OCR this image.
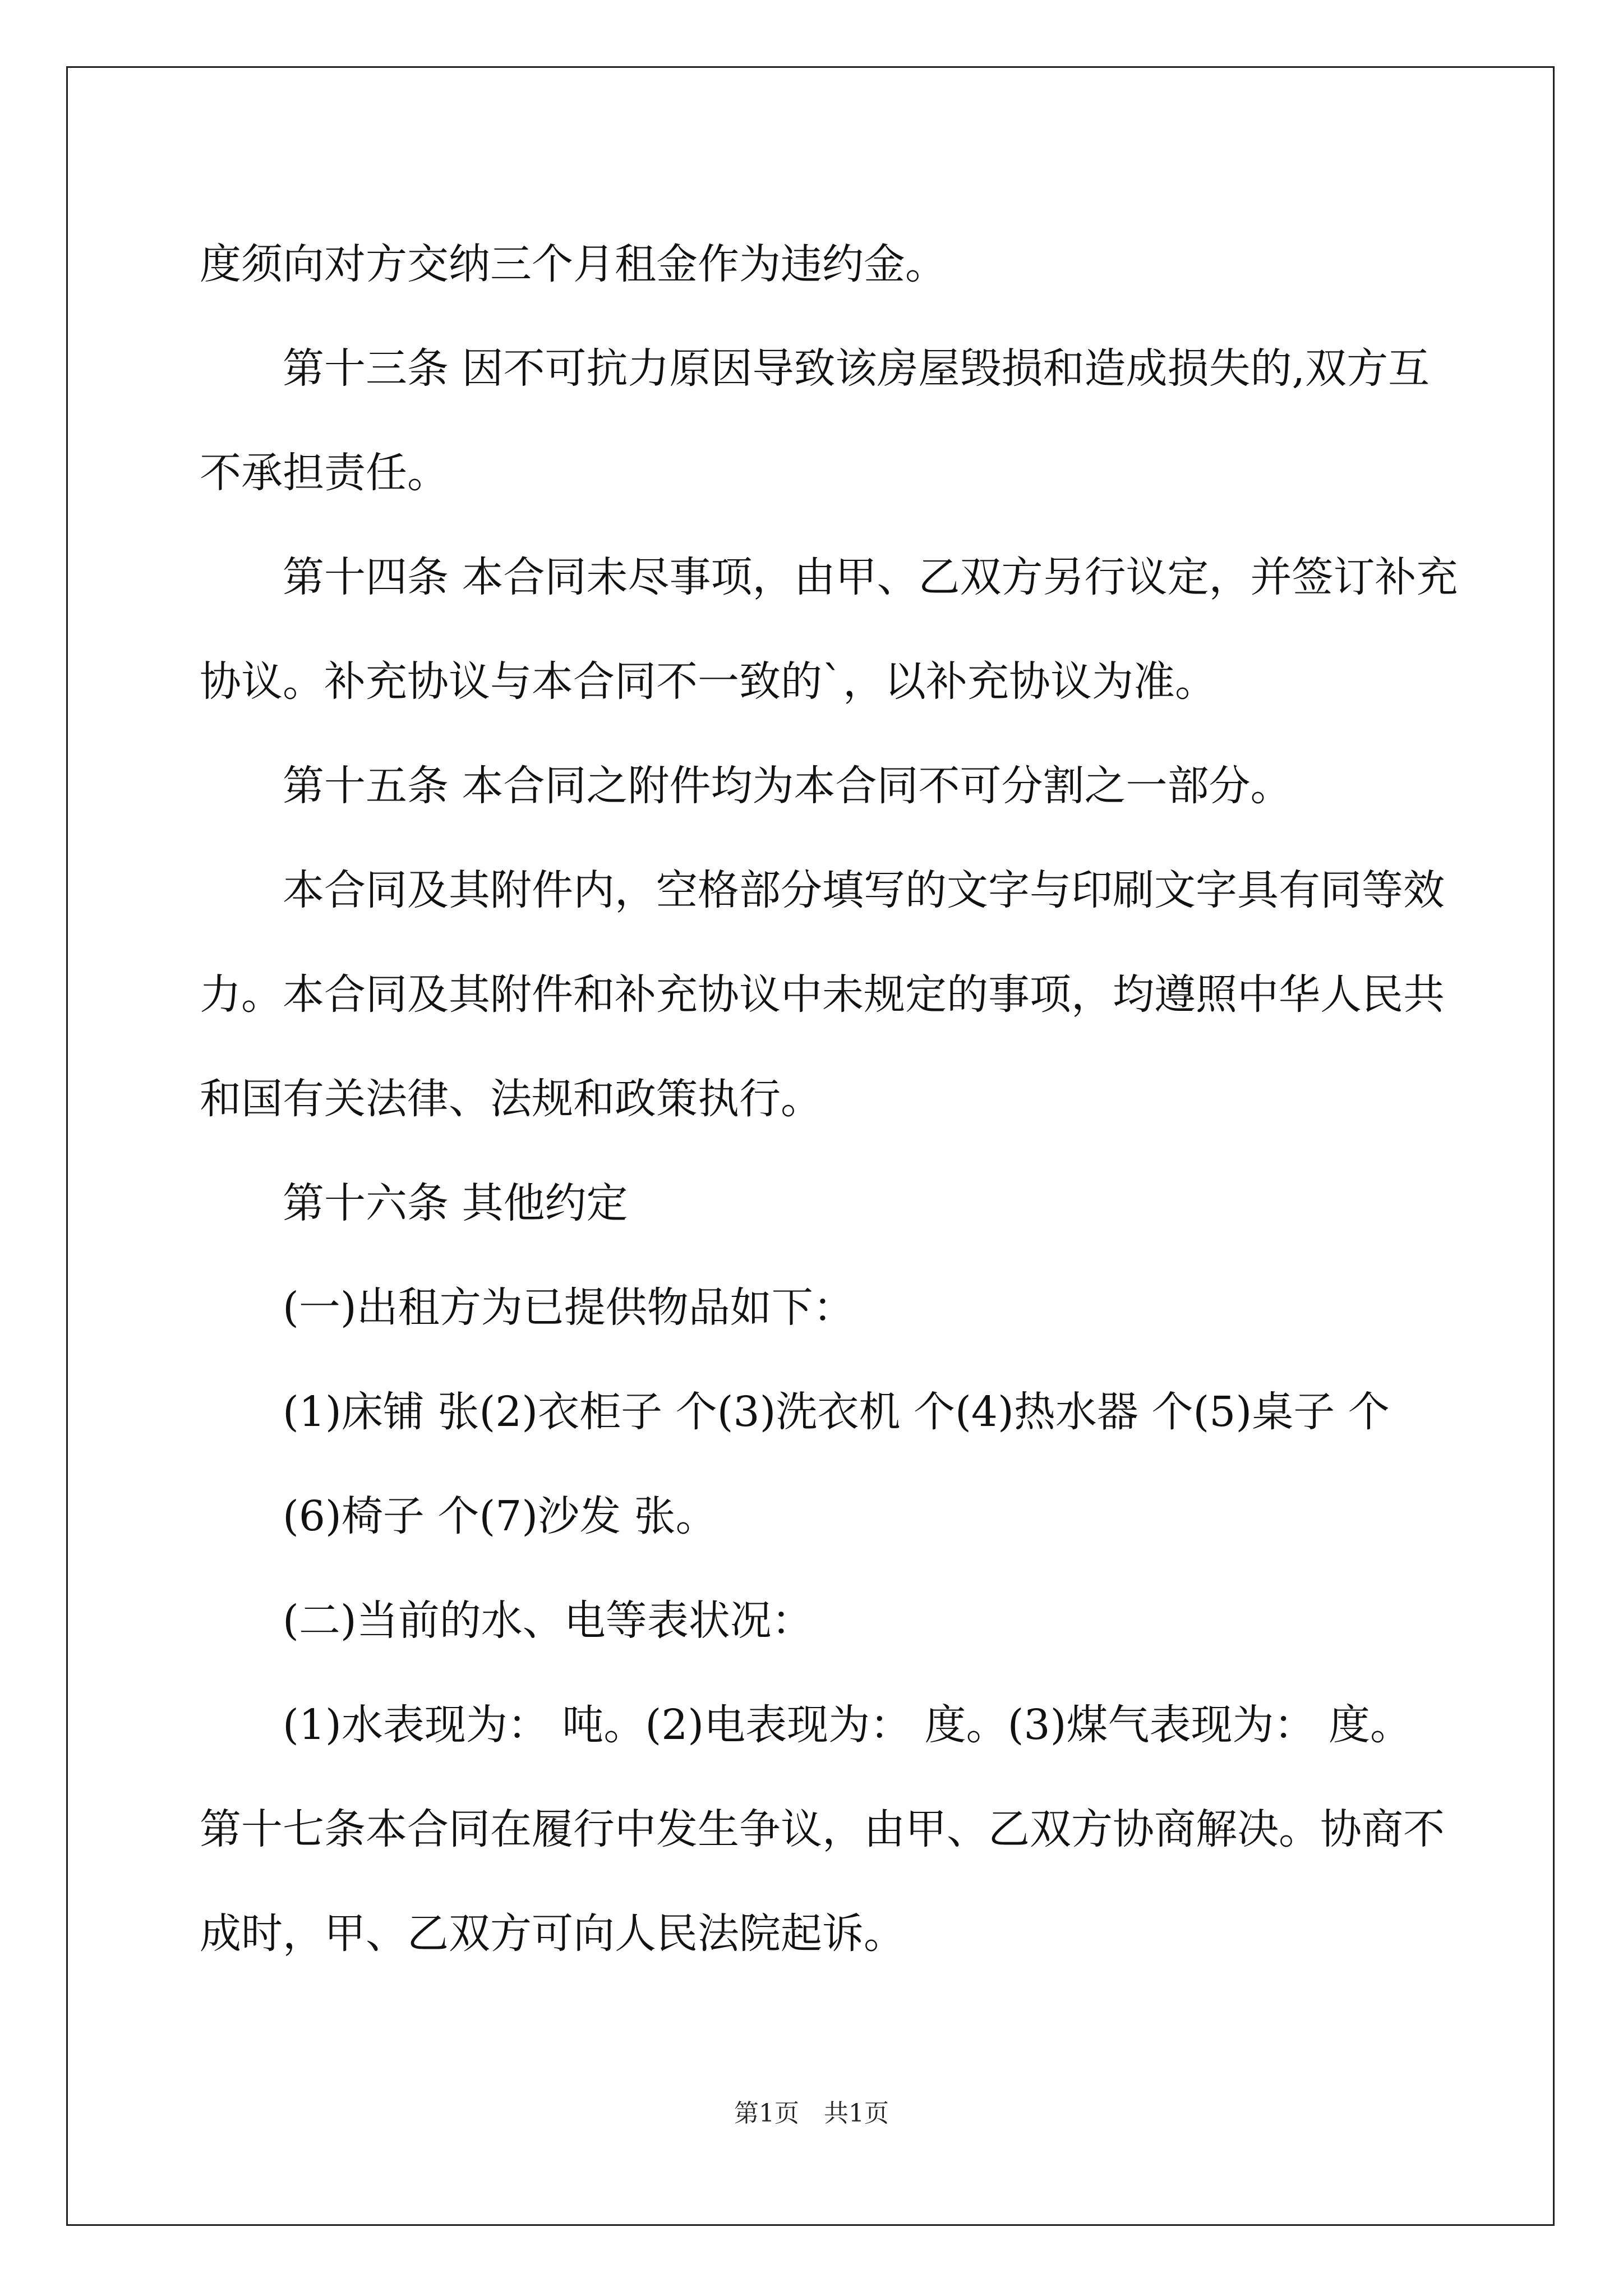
度须向对方交纳三个月租金作为违约金。

第十三条 因不可抗力原因导致该房屋毁损和造成损失的,双方互

不承担责任。

第十四条 本合同未尽事项，由甲、乙双方另行议定，并签订补充

协议。补充协议与本合同不一致的`，以补充协议为准。

第十五条 本合同之附件均为本合同不可分割之一部分。

本合同及其附件内，空格部分填写的文字与印刷文字具有同等效

力。本合同及其附件和补充协议中未规定的事项，均遵照中华人民共

和国有关法律、法规和政策执行。

第十六条 其他约定

(一)出租方为已提供物品如下：

(1)床铺 张(2)衣柜子 个(3)洗衣机 个(4)热水器 个(5)桌子 个

(6)椅子 个(7)沙发 张。

(二)当前的水、电等表状况：

(1)水表现为： 吨。(2)电表现为： 度。(3)煤气表现为： 度。

第十七条本合同在履行中发生争议，由甲、乙双方协商解决。协商不

成时，甲、乙双方可向人民法院起诉。

第1页 共1页
